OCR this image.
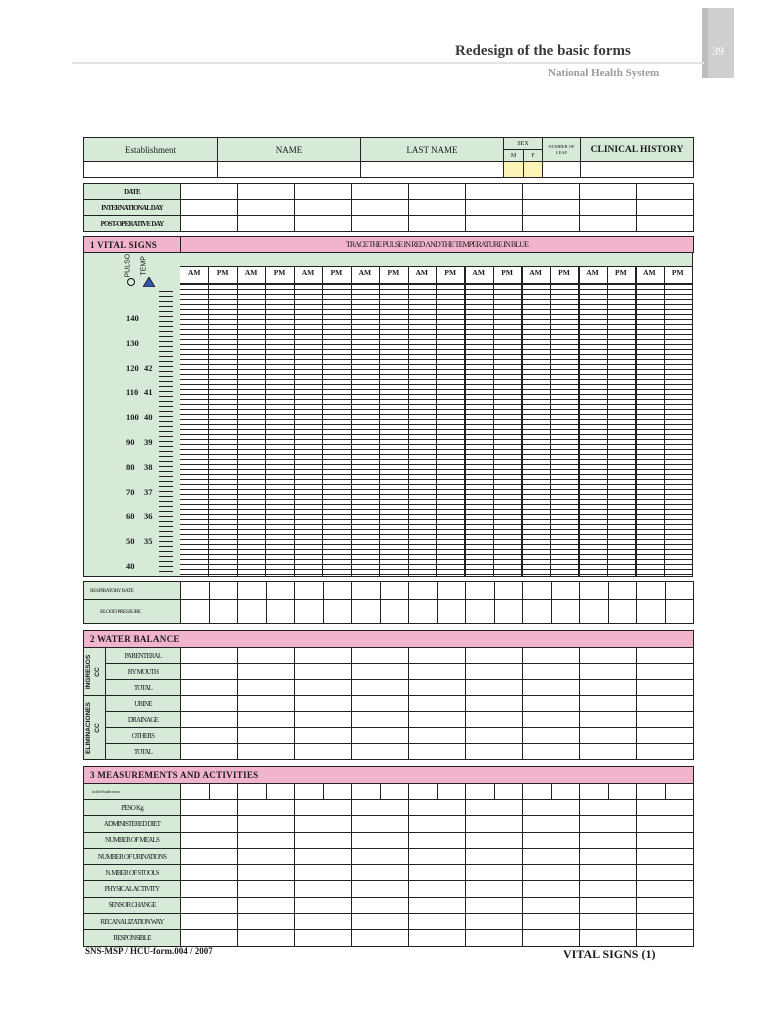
39
Redesign of the basic forms
National Health System
Establishment	NAME	LAST NAME	SEX		NUMBER OF LEAF	CLINICAL HISTORY
			M	F		

DATE									
INTERNATIONAL DAY									
POST-OPERATIVE DAY									
1 VITAL SIGNS	TRACE THE PULSE IN RED AND THE TEMPERATURE IN BLUE
PULSO TEMP
140
130
120 42
110 41
100 40
90 39
80 38
70 37
60 36
50 35
40
AM	PM	AM	PM	AM	PM	AM	PM	AM	PM	AM	PM	AM	PM	AM	PM	AM	PM
RESPIRATORY RATE																		
BLOOD PRESSURE																		
2 WATER BALANCE										

INGRESOS CC	PARENTERAL									
	BY MOUTH									
	TOTAL									

ELIMINACIONES CC	URINE									
	DRAINAGE									
	OTHERS									
	TOTAL									
3 MEASUREMENTS AND ACTIVITIES																		
toilet/bathroom																		
PESO Kg																		
ADMINISTERED DIET																		
NUMBER OF MEALS																		
NUMBER OF URINATIONS																		
N. MBER OF STOOLS																		
PHYSICAL ACTIVITY																		
SENSOR CHANGE																		
RECANALIZATION WAY																		
RESPONSIBLE																		
SNS-MSP / HCU-form.004 / 2007	VITAL SIGNS (1)
